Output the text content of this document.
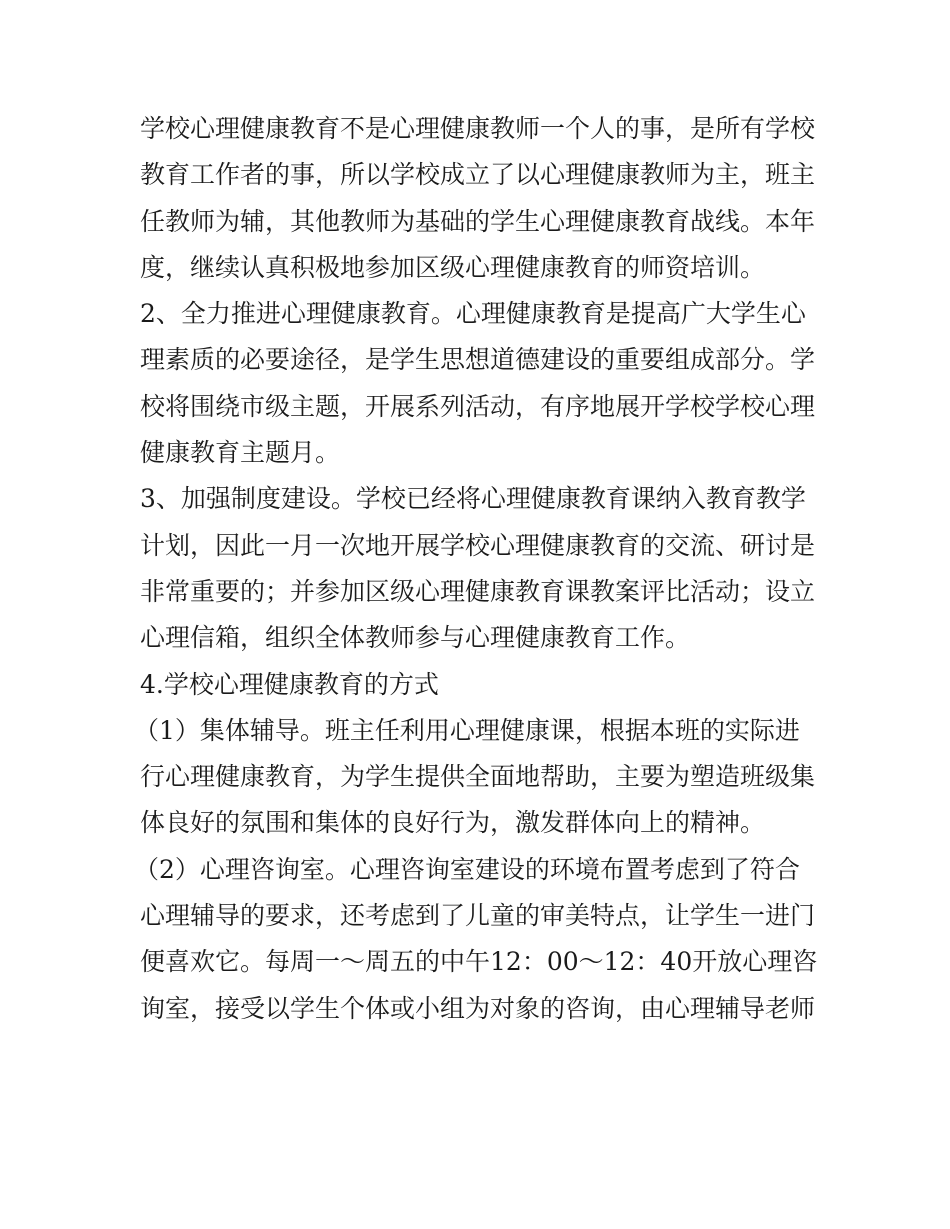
学校心理健康教育不是心理健康教师一个人的事，是所有学校
教育工作者的事，所以学校成立了以心理健康教师为主，班主
任教师为辅，其他教师为基础的学生心理健康教育战线。本年
度，继续认真积极地参加区级心理健康教育的师资培训。
2、全力推进心理健康教育。心理健康教育是提高广大学生心
理素质的必要途径，是学生思想道德建设的重要组成部分。学
校将围绕市级主题，开展系列活动，有序地展开学校学校心理
健康教育主题月。
3、加强制度建设。学校已经将心理健康教育课纳入教育教学
计划，因此一月一次地开展学校心理健康教育的交流、研讨是
非常重要的；并参加区级心理健康教育课教案评比活动；设立
心理信箱，组织全体教师参与心理健康教育工作。
4.学校心理健康教育的方式
（1）集体辅导。班主任利用心理健康课，根据本班的实际进
行心理健康教育，为学生提供全面地帮助，主要为塑造班级集
体良好的氛围和集体的良好行为，激发群体向上的精神。
（2）心理咨询室。心理咨询室建设的环境布置考虑到了符合
心理辅导的要求，还考虑到了儿童的审美特点，让学生一进门
便喜欢它。每周一～周五的中午12：00～12：40开放心理咨
询室，接受以学生个体或小组为对象的咨询，由心理辅导老师
